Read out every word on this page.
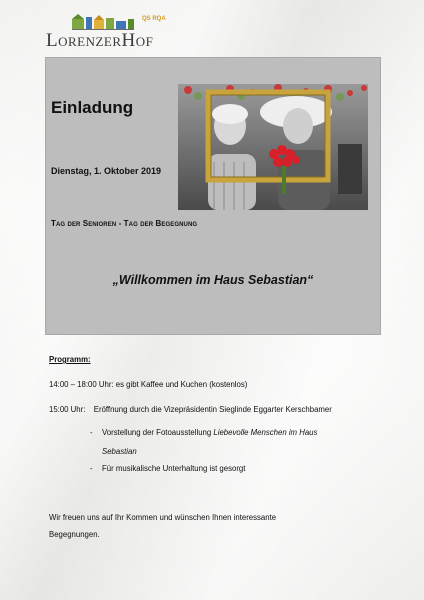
QS RQA
LorenzerHof
Einladung
Dienstag, 1. Oktober 2019
Tag der Senioren - Tag der Begegnung
„Willkommen im Haus Sebastian“
Programm:
14:00 – 18:00 Uhr: es gibt Kaffee und Kuchen (kostenlos)
15:00 Uhr: Eröffnung durch die Vizepräsidentin Sieglinde Eggarter Kerschbamer
- Vorstellung der Fotoausstellung Liebevolle Menschen im Haus
Sebastian
- Für musikalische Unterhaltung ist gesorgt
Wir freuen uns auf Ihr Kommen und wünschen Ihnen interessante
Begegnungen.
